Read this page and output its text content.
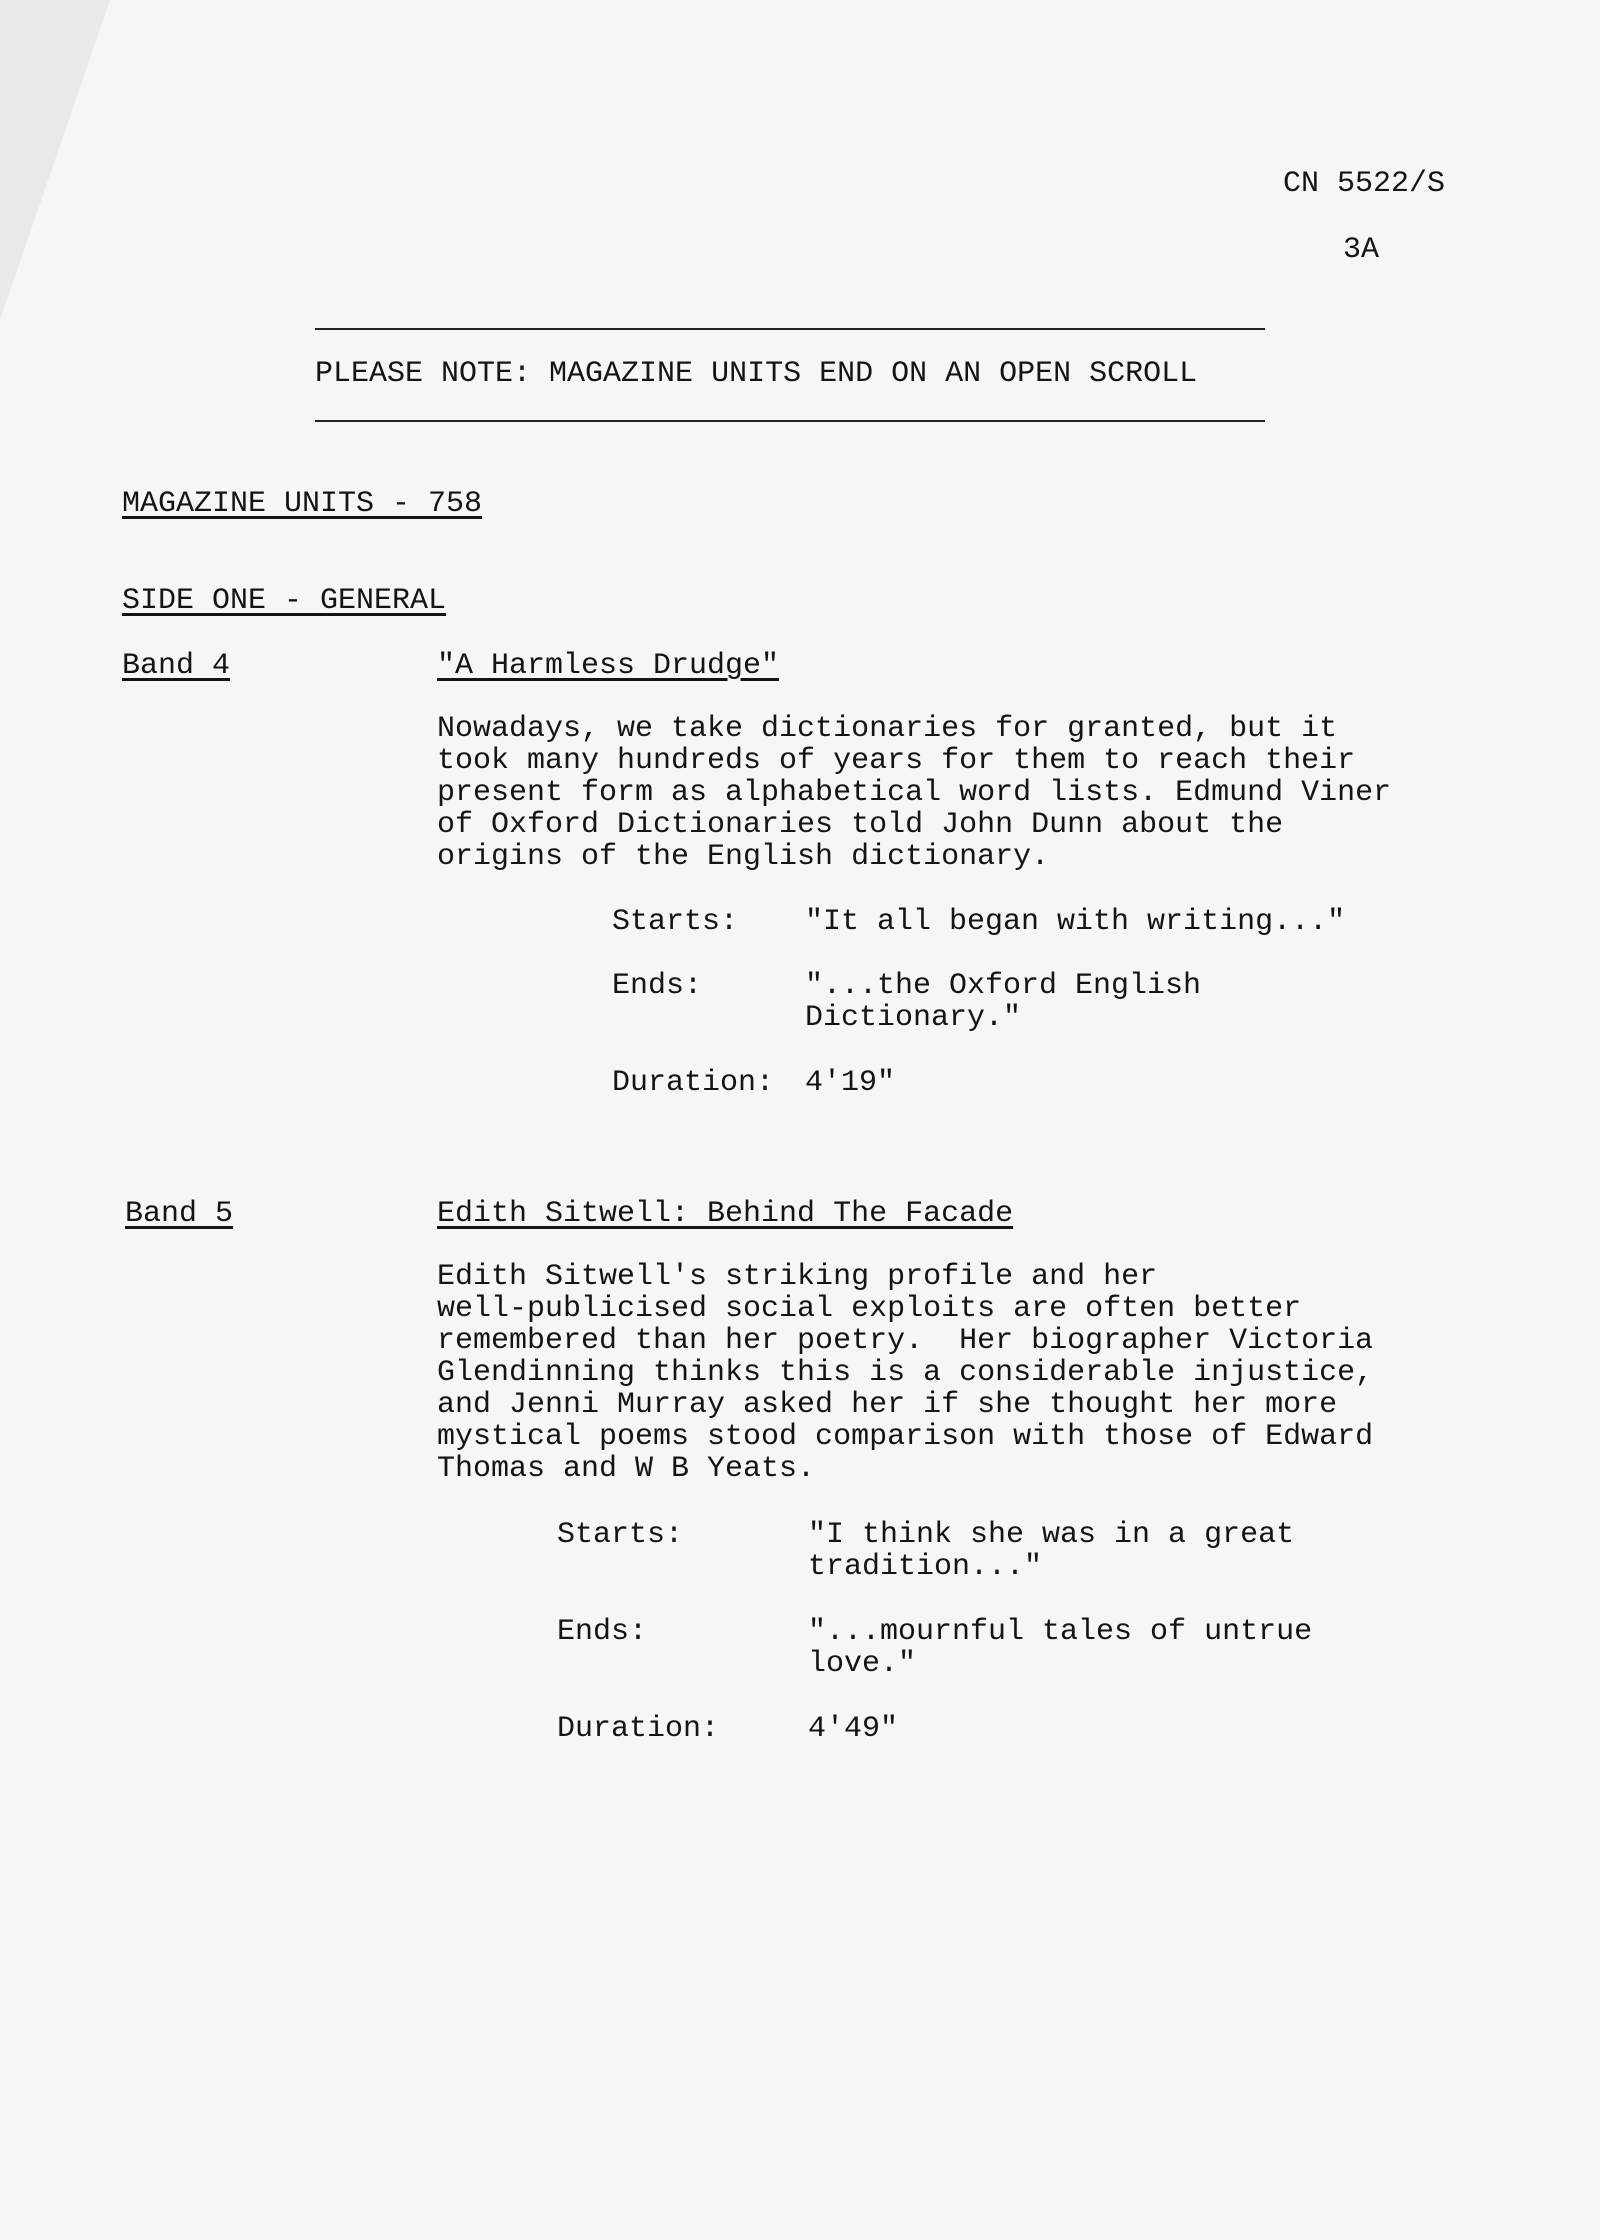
CN 5522/S
3A
PLEASE NOTE: MAGAZINE UNITS END ON AN OPEN SCROLL
MAGAZINE UNITS - 758
SIDE ONE - GENERAL
Band 4	"A Harmless Drudge"
Nowadays, we take dictionaries for granted, but it
took many hundreds of years for them to reach their
present form as alphabetical word lists. Edmund Viner
of Oxford Dictionaries told John Dunn about the
origins of the English dictionary.
Starts: "It all began with writing..."
Ends:	"...the Oxford English
Dictionary."
Duration: 4'19"
Band 5	Edith Sitwell: Behind The Facade
Edith Sitwell's striking profile and her
well-publicised social exploits are often better
remembered than her poetry.  Her biographer Victoria
Glendinning thinks this is a considerable injustice,
and Jenni Murray asked her if she thought her more
mystical poems stood comparison with those of Edward
Thomas and W B Yeats.
Starts:	"I think she was in a great
tradition..."
Ends:	"...mournful tales of untrue
love."
Duration:	4'49"
